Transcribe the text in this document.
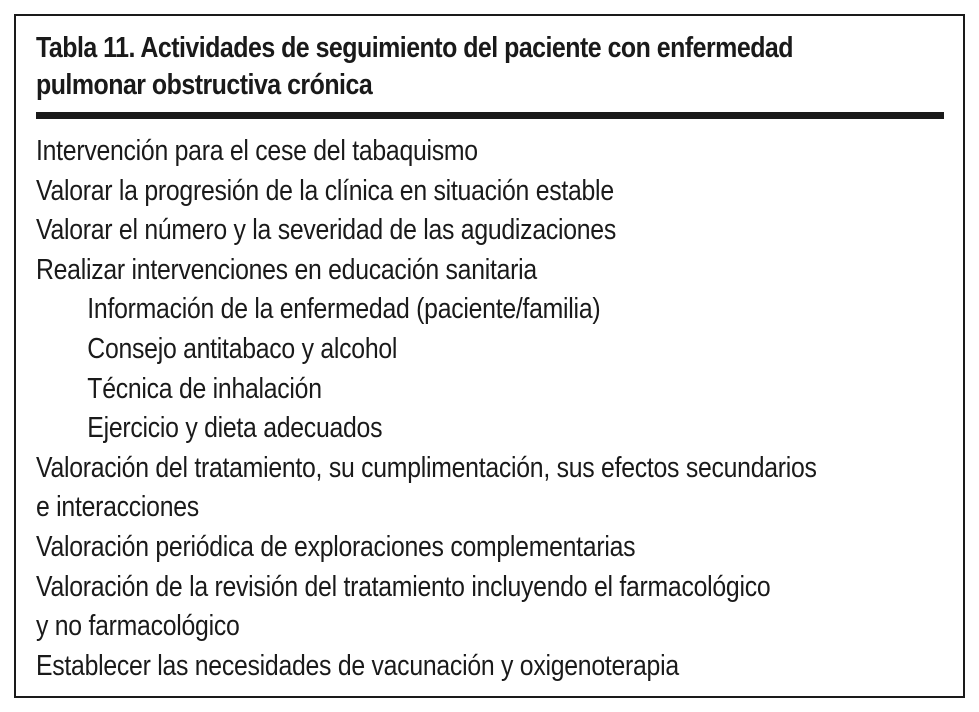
Tabla 11. Actividades de seguimiento del paciente con enfermedad
pulmonar obstructiva crónica
Intervención para el cese del tabaquismo
Valorar la progresión de la clínica en situación estable
Valorar el número y la severidad de las agudizaciones
Realizar intervenciones en educación sanitaria
Información de la enfermedad (paciente/familia)
Consejo antitabaco y alcohol
Técnica de inhalación
Ejercicio y dieta adecuados
Valoración del tratamiento, su cumplimentación, sus efectos secundarios
e interacciones
Valoración periódica de exploraciones complementarias
Valoración de la revisión del tratamiento incluyendo el farmacológico
y no farmacológico
Establecer las necesidades de vacunación y oxigenoterapia
